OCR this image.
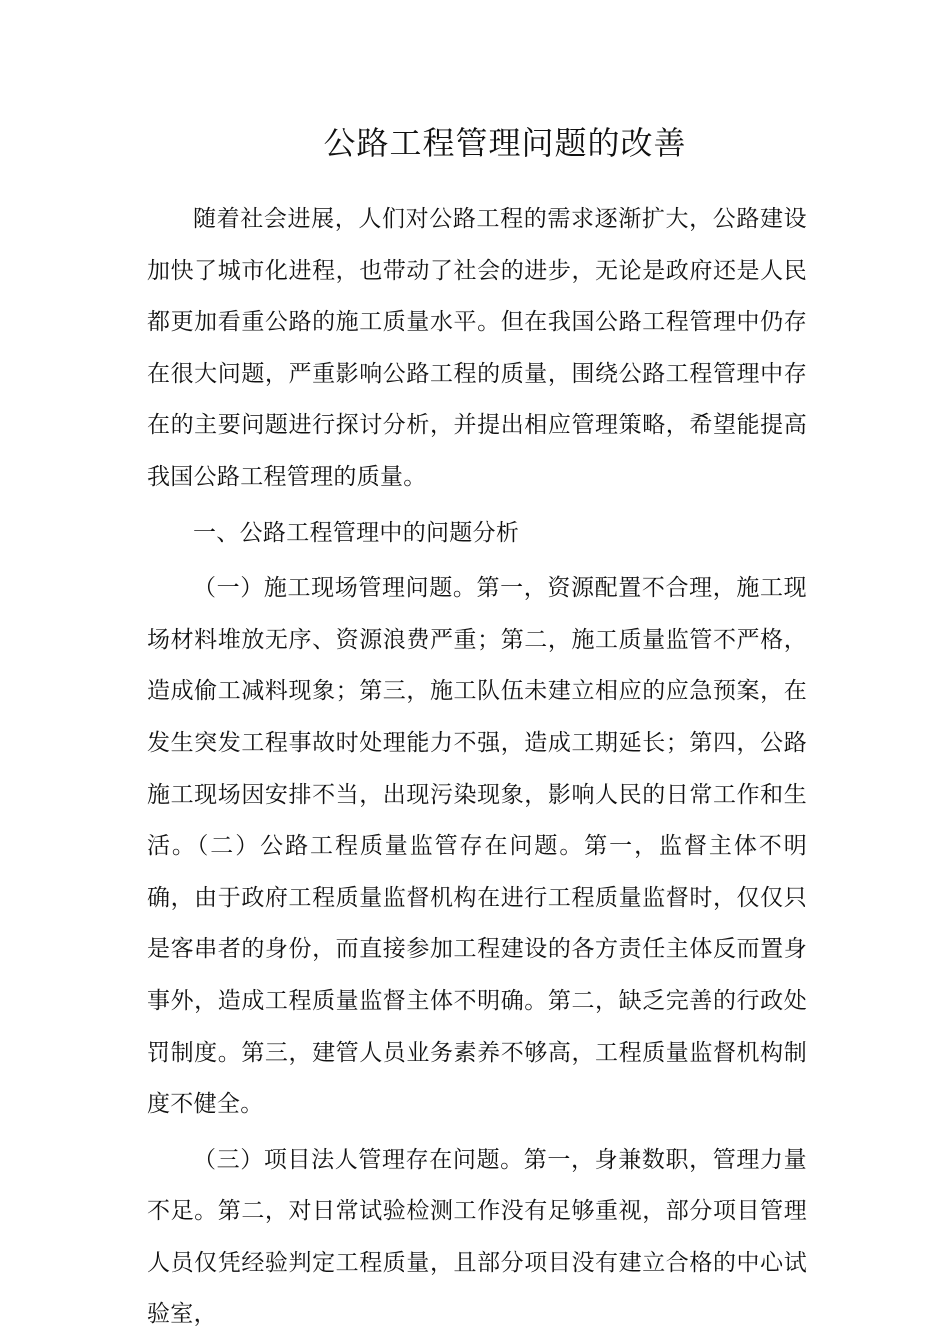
公路工程管理问题的改善

随着社会进展，人们对公路工程的需求逐渐扩大，公路建设加快了城市化进程，也带动了社会的进步，无论是政府还是人民都更加看重公路的施工质量水平。但在我国公路工程管理中仍存在很大问题，严重影响公路工程的质量，围绕公路工程管理中存在的主要问题进行探讨分析，并提出相应管理策略，希望能提高我国公路工程管理的质量。

一、公路工程管理中的问题分析

（一）施工现场管理问题。第一，资源配置不合理，施工现场材料堆放无序、资源浪费严重；第二，施工质量监管不严格，造成偷工减料现象；第三，施工队伍未建立相应的应急预案，在发生突发工程事故时处理能力不强，造成工期延长；第四，公路施工现场因安排不当，出现污染现象，影响人民的日常工作和生活。（二）公路工程质量监管存在问题。第一，监督主体不明确，由于政府工程质量监督机构在进行工程质量监督时，仅仅只是客串者的身份，而直接参加工程建设的各方责任主体反而置身事外，造成工程质量监督主体不明确。第二，缺乏完善的行政处罚制度。第三，建管人员业务素养不够高，工程质量监督机构制度不健全。

（三）项目法人管理存在问题。第一，身兼数职，管理力量不足。第二，对日常试验检测工作没有足够重视，部分项目管理人员仅凭经验判定工程质量，且部分项目没有建立合格的中心试验室，
